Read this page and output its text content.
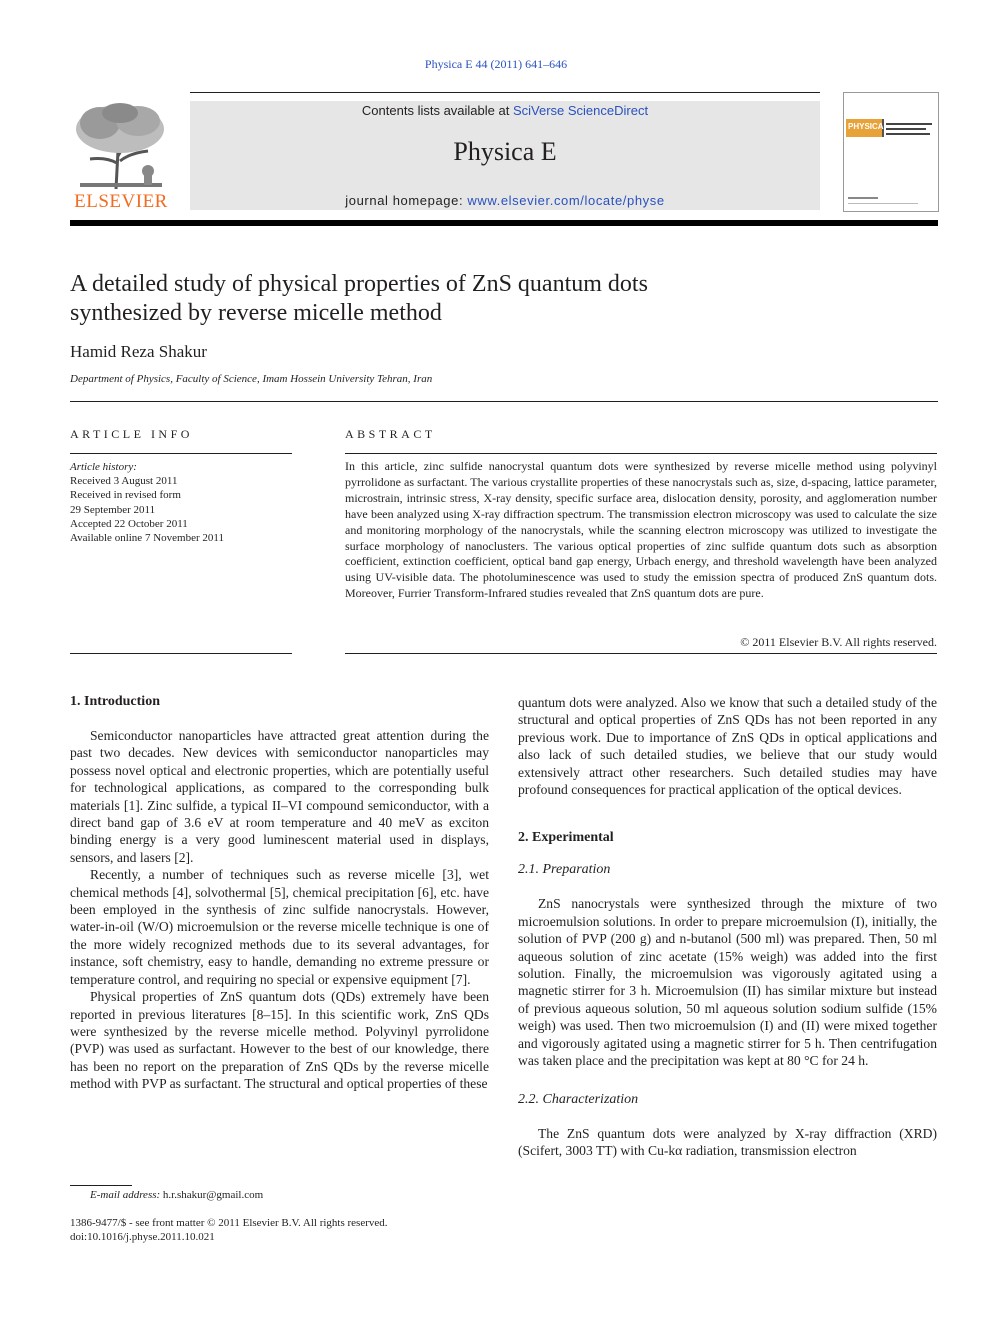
Physica E 44 (2011) 641–646
ELSEVIER
Contents lists available at SciVerse ScienceDirect
Physica E
journal homepage: www.elsevier.com/locate/physe
PHYSICA
A detailed study of physical properties of ZnS quantum dots
synthesized by reverse micelle method
Hamid Reza Shakur
Department of Physics, Faculty of Science, Imam Hossein University Tehran, Iran
ARTICLE INFO
Article history:
Received 3 August 2011
Received in revised form
29 September 2011
Accepted 22 October 2011
Available online 7 November 2011
ABSTRACT
In this article, zinc sulfide nanocrystal quantum dots were synthesized by reverse micelle method using polyvinyl pyrrolidone as surfactant. The various crystallite properties of these nanocrystals such as, size, d-spacing, lattice parameter, microstrain, intrinsic stress, X-ray density, specific surface area, dislocation density, porosity, and agglomeration number have been analyzed using X-ray diffraction spectrum. The transmission electron microscopy was used to calculate the size and monitoring morphology of the nanocrystals, while the scanning electron microscopy was utilized to investigate the surface morphology of nanoclusters. The various optical properties of zinc sulfide quantum dots such as absorption coefficient, extinction coefficient, optical band gap energy, Urbach energy, and threshold wavelength have been analyzed using UV-visible data. The photoluminescence was used to study the emission spectra of produced ZnS quantum dots. Moreover, Furrier Transform-Infrared studies revealed that ZnS quantum dots are pure.
© 2011 Elsevier B.V. All rights reserved.
1. Introduction

Semiconductor nanoparticles have attracted great attention during the past two decades. New devices with semiconductor nanoparticles may possess novel optical and electronic properties, which are potentially useful for technological applications, as compared to the corresponding bulk materials [1]. Zinc sulfide, a typical II–VI compound semiconductor, with a direct band gap of 3.6 eV at room temperature and 40 meV as exciton binding energy is a very good luminescent material used in displays, sensors, and lasers [2].

Recently, a number of techniques such as reverse micelle [3], wet chemical methods [4], solvothermal [5], chemical precipitation [6], etc. have been employed in the synthesis of zinc sulfide nanocrystals. However, water-in-oil (W/O) microemulsion or the reverse micelle technique is one of the more widely recognized methods due to its several advantages, for instance, soft chemistry, easy to handle, demanding no extreme pressure or temperature control, and requiring no special or expensive equipment [7].

Physical properties of ZnS quantum dots (QDs) extremely have been reported in previous literatures [8–15]. In this scientific work, ZnS QDs were synthesized by the reverse micelle method. Polyvinyl pyrrolidone (PVP) was used as surfactant. However to the best of our knowledge, there has been no report on the preparation of ZnS QDs by the reverse micelle method with PVP as surfactant. The structural and optical properties of these

quantum dots were analyzed. Also we know that such a detailed study of the structural and optical properties of ZnS QDs has not been reported in any previous work. Due to importance of ZnS QDs in optical applications and also lack of such detailed studies, we believe that our study would extensively attract other researchers. Such detailed studies may have profound consequences for practical application of the optical devices.

2. Experimental
2.1. Preparation

ZnS nanocrystals were synthesized through the mixture of two microemulsion solutions. In order to prepare microemulsion (I), initially, the solution of PVP (200 g) and n-butanol (500 ml) was prepared. Then, 50 ml aqueous solution of zinc acetate (15% weigh) was added into the first solution. Finally, the microemulsion was vigorously agitated using a magnetic stirrer for 3 h. Microemulsion (II) has similar mixture but instead of previous aqueous solution, 50 ml aqueous solution sodium sulfide (15% weigh) was used. Then two microemulsion (I) and (II) were mixed together and vigorously agitated using a magnetic stirrer for 5 h. Then centrifugation was taken place and the precipitation was kept at 80 °C for 24 h.

2.2. Characterization

The ZnS quantum dots were analyzed by X-ray diffraction (XRD) (Scifert, 3003 TT) with Cu-kα radiation, transmission electron

E-mail address: h.r.shakur@gmail.com
1386-9477/$ - see front matter © 2011 Elsevier B.V. All rights reserved.
doi:10.1016/j.physe.2011.10.021
